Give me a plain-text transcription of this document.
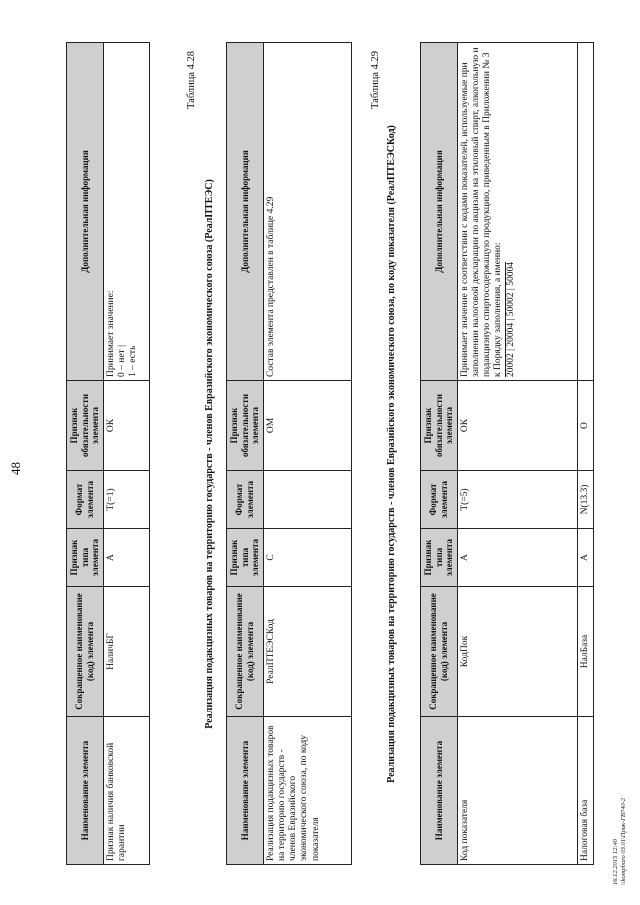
48
Наименование элемента	Сокращенное наименование (код) элемента	Признак типа элемента	Формат элемента	Признак обязательности элемента	Дополнительная информация
Признак наличия банковской гарантии	НаличБГ	А	Т(=1)	ОК	Принимает значение: 0 – нет | 1 – есть
Таблица 4.28
Реализация подакцизных товаров на территорию государств - членов Евразийского экономического союза (РеалПТЕЭС)
Наименование элемента	Сокращенное наименование (код) элемента	Признак типа элемента	Формат элемента	Признак обязательности элемента	Дополнительная информация
Реализация подакцизных товаров на территорию государств - членов Евразийского экономического союза, по коду показателя	РеалПТЕЭСКод	С		ОМ	Состав элемента представлен в таблице 4.29
Таблица 4.29
Реализация подакцизных товаров на территорию государств - членов Евразийского экономического союза, по коду показателя (РеалПТЕЭСКод)
Наименование элемента	Сокращенное наименование (код) элемента	Признак типа элемента	Формат элемента	Признак обязательности элемента	Дополнительная информация
Код показателя	КодПок	А	Т(=5)	ОК	Принимает значение в соответствии с кодами показателей, используемые при заполнении налоговой декларации по акцизам на этиловый спирт, алкогольную и подакцизную спиртосодержащую продукцию, приведенным в Приложении № 3 к Порядку заполнения, а именно: 20002 | 20004 | 50002 | 50004
Налоговая база	НалБаза	А	N(13.3)	О	
16.12.2015 12:40 \\kompburo 03.01\Прик-ГВ740-2
